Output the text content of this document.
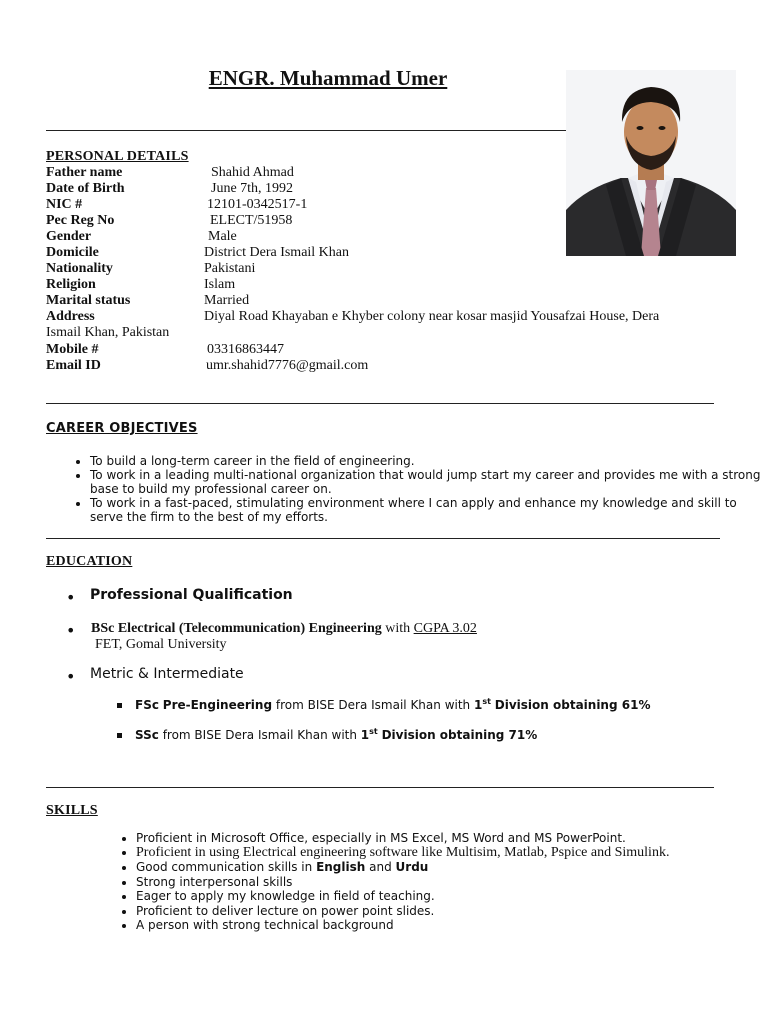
ENGR. Muhammad Umer
PERSONAL DETAILS
Father name	Shahid Ahmad
Date of Birth	June 7th, 1992
NIC #	12101-0342517-1
Pec Reg No	ELECT/51958
Gender	Male
Domicile	District Dera Ismail Khan
Nationality	Pakistani
Religion	Islam
Marital status	Married
Address	Diyal Road Khayaban e Khyber colony near kosar masjid Yousafzai House, Dera
Ismail Khan, Pakistan
Mobile #	03316863447
Email ID	umr.shahid7776@gmail.com
CAREER OBJECTIVES
• To build a long-term career in the field of engineering.
• To work in a leading multi-national organization that would jump start my career and provides me with a strong base to build my professional career on.
• To work in a fast-paced, stimulating environment where I can apply and enhance my knowledge and skill to serve the firm to the best of my efforts.
EDUCATION
• Professional Qualification
• BSc Electrical (Telecommunication) Engineering with CGPA 3.02
FET, Gomal University
• Metric & Intermediate
FSc Pre-Engineering from BISE Dera Ismail Khan with 1st Division obtaining 61%
SSc from BISE Dera Ismail Khan with 1st Division obtaining 71%
SKILLS
• Proficient in Microsoft Office, especially in MS Excel, MS Word and MS PowerPoint.
• Proficient in using Electrical engineering software like Multisim, Matlab, Pspice and Simulink.
• Good communication skills in English and Urdu
• Strong interpersonal skills
• Eager to apply my knowledge in field of teaching.
• Proficient to deliver lecture on power point slides.
• A person with strong technical background
